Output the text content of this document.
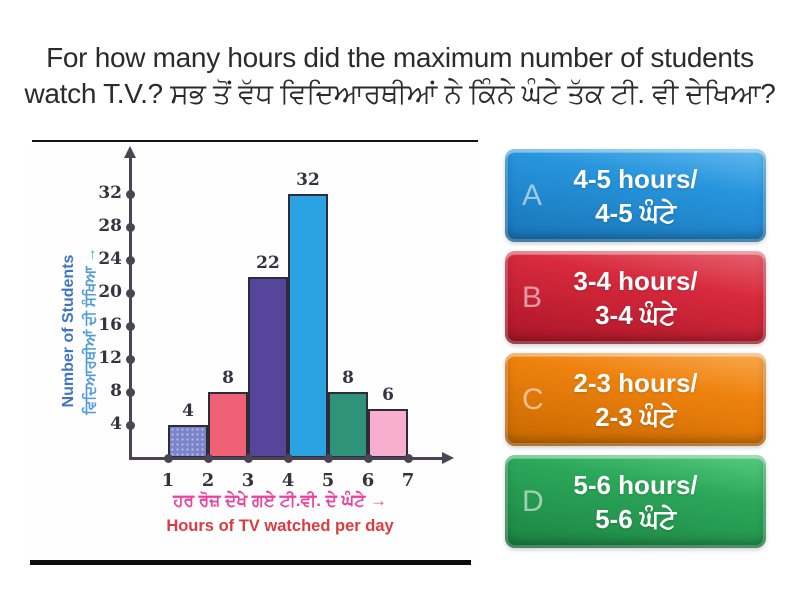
For how many hours did the maximum number of students
watch T.V.? ਸਭ ਤੋਂ ਵੱਧ ਵਿਦਿਆਰਥੀਆਂ ਨੇ ਕਿੰਨੇ ਘੰਟੇ ਤੱਕ ਟੀ. ਵੀ ਦੇਖਿਆ?
Number of Students ਵਿਦਿਆਰਥੀਆਂ ਦੀ ਸੰਖਿਆ →	4
8
22
32
8
6
4
8
12
16
20
24
28
32
1	2	3	4	5	6	7
ਹਰ ਰੋਜ਼ ਦੇਖੇ ਗਏ ਟੀ.ਵੀ. ਦੇ ਘੰਟੇ →
Hours of TV watched per day
A 4-5 hours/
4-5 ਘੰਟੇ
B 3-4 hours/
3-4 ਘੰਟੇ
C 2-3 hours/
2-3 ਘੰਟੇ
D 5-6 hours/
5-6 ਘੰਟੇ
